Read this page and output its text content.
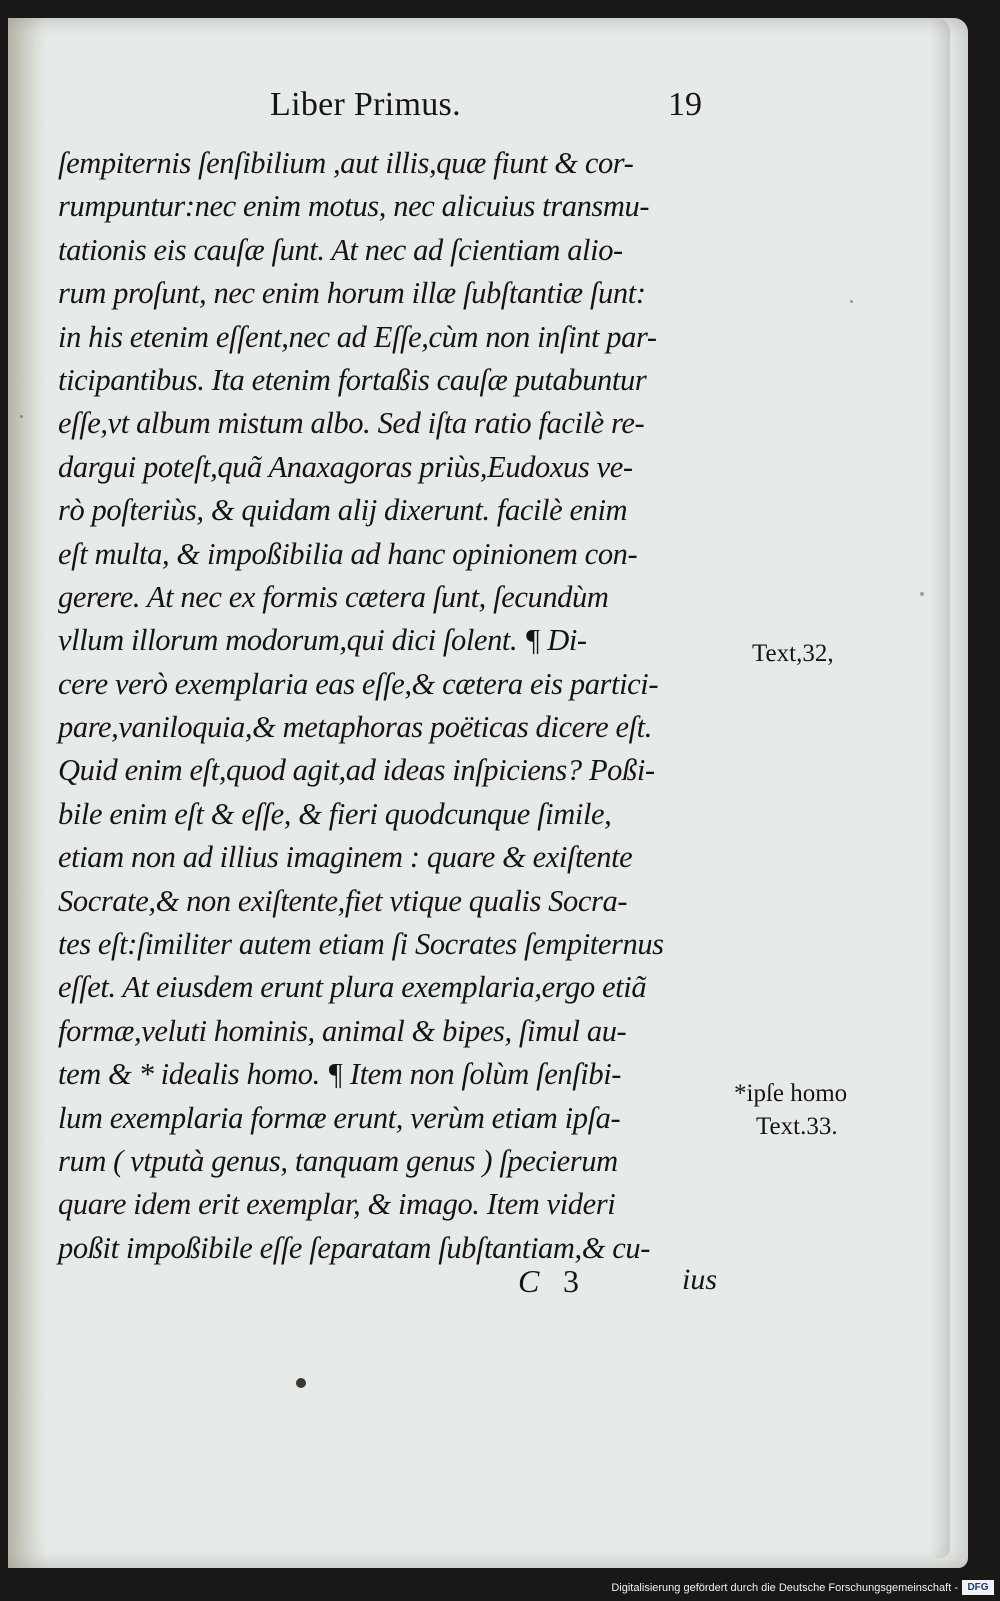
Liber Primus.	19
ſempiternis ſenſibilium ,aut illis,quæ fiunt & cor-
rumpuntur:nec enim motus, nec alicuius transmu-
tationis eis cauſæ ſunt. At nec ad ſcientiam alio-
rum proſunt, nec enim horum illæ ſubſtantiæ ſunt:
in his etenim eſſent,nec ad Eſſe,cùm non inſint par-
ticipantibus. Ita etenim fortaßis cauſæ putabuntur
eſſe,vt album mistum albo. Sed iſta ratio facilè re-
dargui poteſt,quã Anaxagoras priùs,Eudoxus ve-
rò poſteriùs, & quidam alij dixerunt. facilè enim
eſt multa, & impoßibilia ad hanc opinionem con-
gerere. At nec ex formis cætera ſunt, ſecundùm
vllum illorum modorum,qui dici ſolent. ¶ Di-
cere verò exemplaria eas eſſe,& cætera eis partici-
pare,vaniloquia,& metaphoras poëticas dicere eſt.
Quid enim eſt,quod agit,ad ideas inſpiciens? Poßi-
bile enim eſt & eſſe, & fieri quodcunque ſimile,
etiam non ad illius imaginem : quare & exiſtente
Socrate,& non exiſtente,fiet vtique qualis Socra-
tes eſt:ſimiliter autem etiam ſi Socrates ſempiternus
eſſet. At eiusdem erunt plura exemplaria,ergo etiã
formæ,veluti hominis, animal & bipes, ſimul au-
tem & * idealis homo. ¶ Item non ſolùm ſenſibi-
lum exemplaria formæ erunt, verùm etiam ipſa-
rum ( vtputà genus, tanquam genus ) ſpecierum
quare idem erit exemplar, & imago. Item videri
poßit impoßibile eſſe ſeparatam ſubſtantiam,& cu-
Text,32,
*ipſe homo
Text.33.
C 3	ius
Digitalisierung gefördert durch die Deutsche Forschungsgemeinschaft - DFG
